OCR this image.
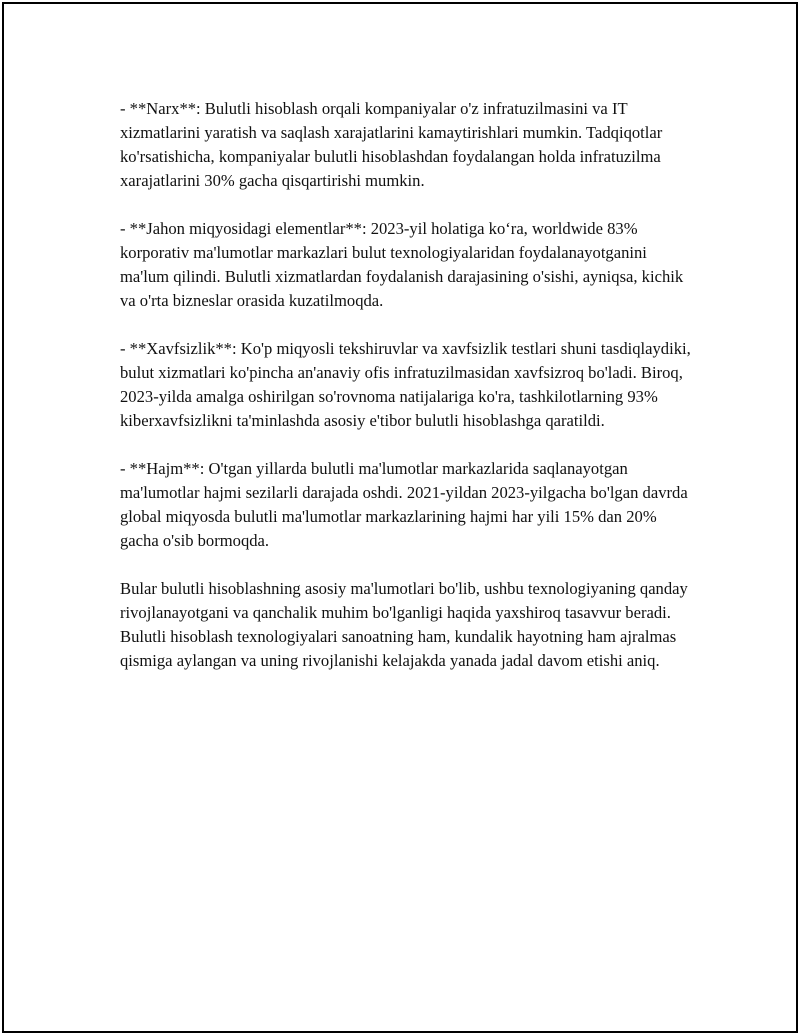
- **Narx**: Bulutli hisoblash orqali kompaniyalar o'z infratuzilmasini va IT xizmatlarini yaratish va saqlash xarajatlarini kamaytirishlari mumkin. Tadqiqotlar ko'rsatishicha, kompaniyalar bulutli hisoblashdan foydalangan holda infratuzilma xarajatlarini 30% gacha qisqartirishi mumkin.

- **Jahon miqyosidagi elementlar**: 2023-yil holatiga koʻra, worldwide 83% korporativ ma'lumotlar markazlari bulut texnologiyalaridan foydalanayotganini ma'lum qilindi. Bulutli xizmatlardan foydalanish darajasining o'sishi, ayniqsa, kichik va o'rta bizneslar orasida kuzatilmoqda.

- **Xavfsizlik**: Ko'p miqyosli tekshiruvlar va xavfsizlik testlari shuni tasdiqlaydiki, bulut xizmatlari ko'pincha an'anaviy ofis infratuzilmasidan xavfsizroq bo'ladi. Biroq, 2023-yilda amalga oshirilgan so'rovnoma natijalariga ko'ra, tashkilotlarning 93% kiberxavfsizlikni ta'minlashda asosiy e'tibor bulutli hisoblashga qaratildi.

- **Hajm**: O'tgan yillarda bulutli ma'lumotlar markazlarida saqlanayotgan ma'lumotlar hajmi sezilarli darajada oshdi. 2021-yildan 2023-yilgacha bo'lgan davrda global miqyosda bulutli ma'lumotlar markazlarining hajmi har yili 15% dan 20% gacha o'sib bormoqda.

Bular bulutli hisoblashning asosiy ma'lumotlari bo'lib, ushbu texnologiyaning qanday rivojlanayotgani va qanchalik muhim bo'lganligi haqida yaxshiroq tasavvur beradi. Bulutli hisoblash texnologiyalari sanoatning ham, kundalik hayotning ham ajralmas qismiga aylangan va uning rivojlanishi kelajakda yanada jadal davom etishi aniq.
